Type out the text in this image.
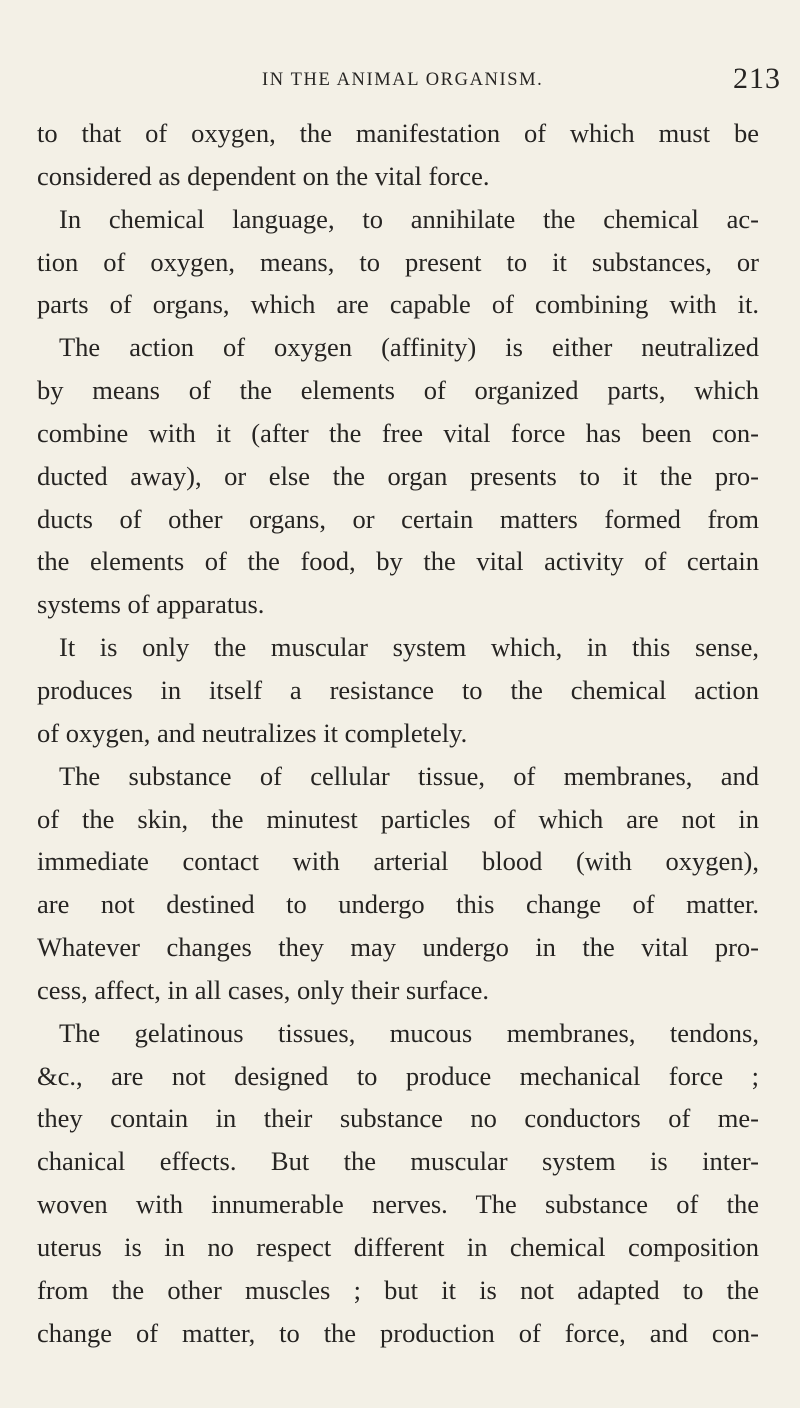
IN THE ANIMAL ORGANISM.	213
to that of oxygen, the manifestation of which must be
considered as dependent on the vital force.
In chemical language, to annihilate the chemical ac-
tion of oxygen, means, to present to it substances, or
parts of organs, which are capable of combining with it.
The action of oxygen (affinity) is either neutralized
by means of the elements of organized parts, which
combine with it (after the free vital force has been con-
ducted away), or else the organ presents to it the pro-
ducts of other organs, or certain matters formed from
the elements of the food, by the vital activity of certain
systems of apparatus.
It is only the muscular system which, in this sense,
produces in itself a resistance to the chemical action
of oxygen, and neutralizes it completely.
The substance of cellular tissue, of membranes, and
of the skin, the minutest particles of which are not in
immediate contact with arterial blood (with oxygen),
are not destined to undergo this change of matter.
Whatever changes they may undergo in the vital pro-
cess, affect, in all cases, only their surface.
The gelatinous tissues, mucous membranes, tendons,
&c., are not designed to produce mechanical force ;
they contain in their substance no conductors of me-
chanical effects. But the muscular system is inter-
woven with innumerable nerves. The substance of the
uterus is in no respect different in chemical composition
from the other muscles ; but it is not adapted to the
change of matter, to the production of force, and con-
